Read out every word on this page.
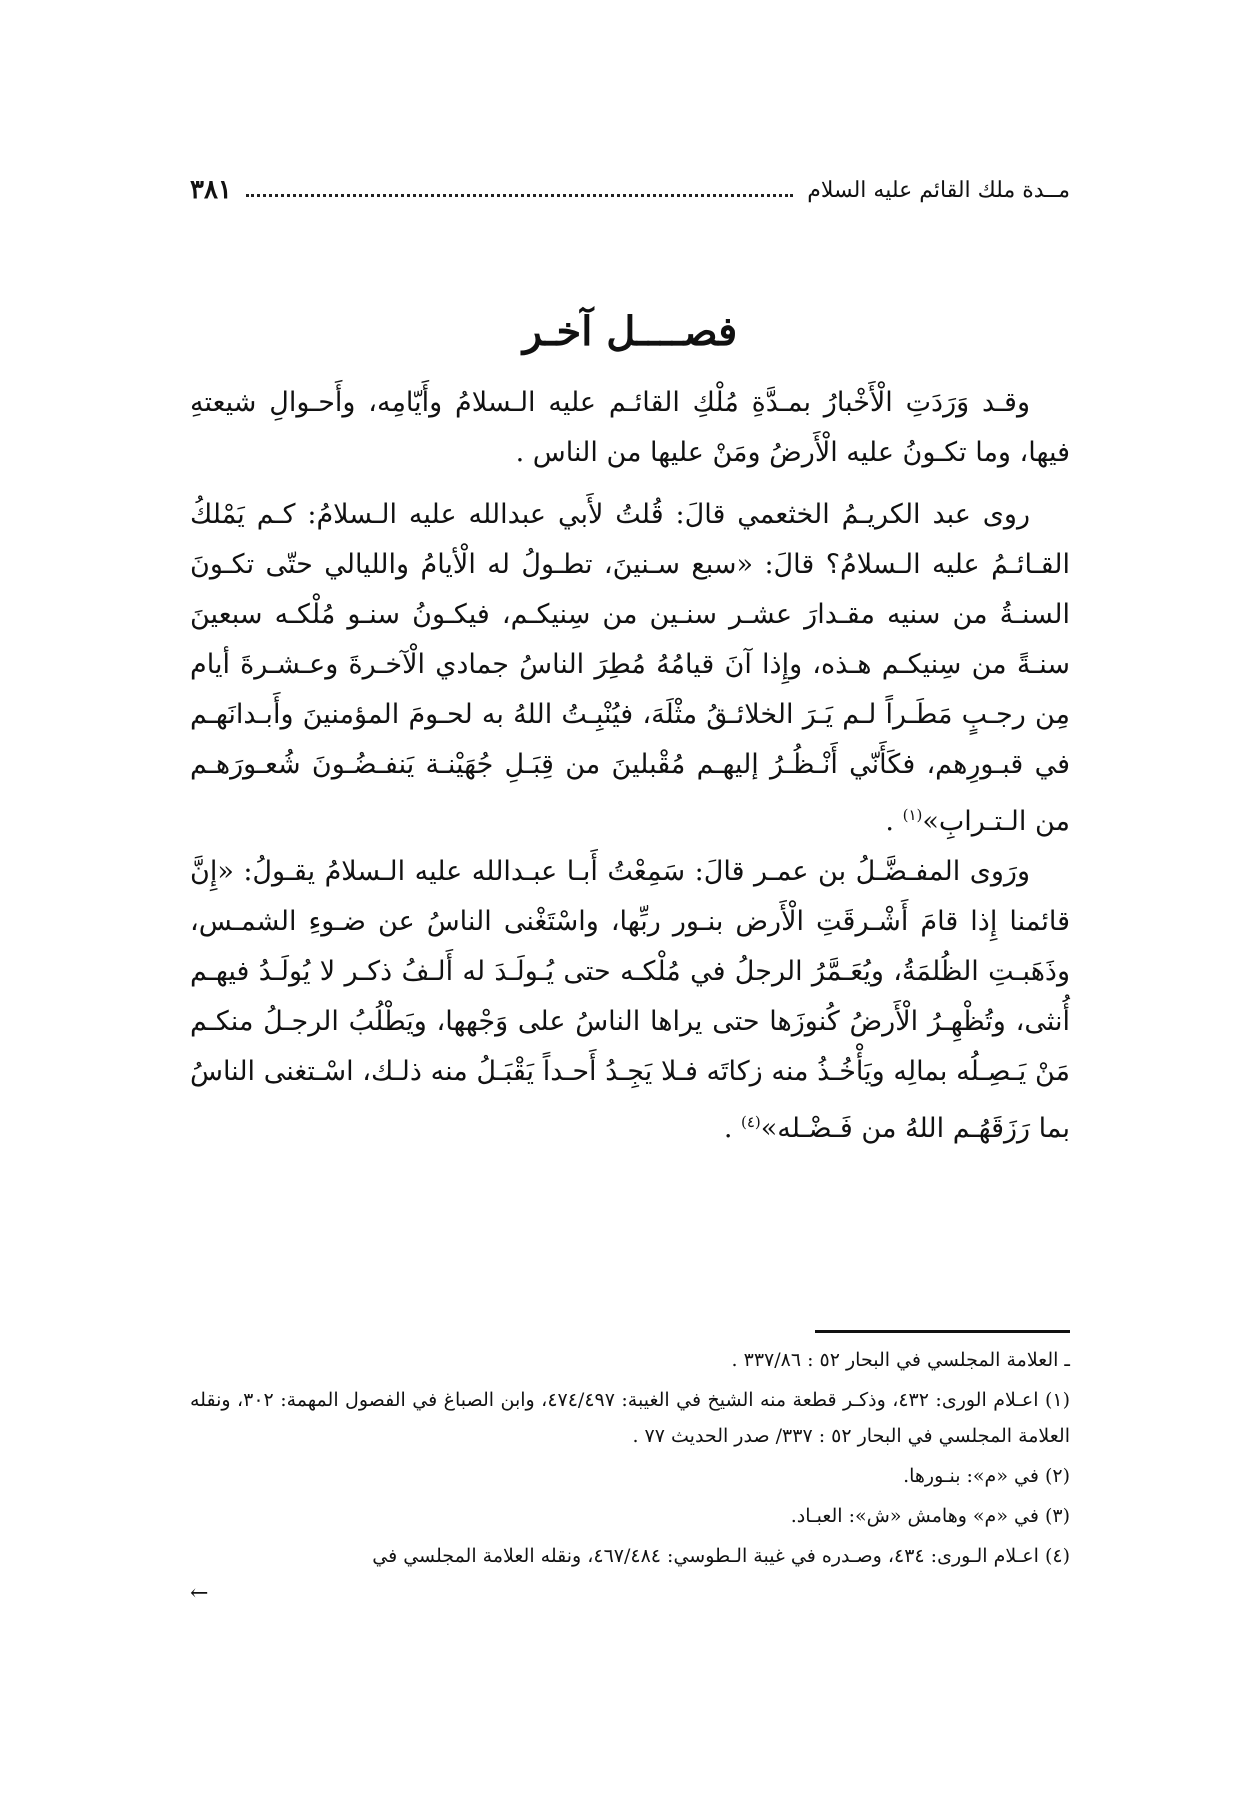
مــدة ملك القائم عليه السلام
٣٨١
فصــــل آخـر

وقـد وَرَدَتِ الْأَخْبارُ بمـدَّةِ مُلْكِ القائـم عليه الـسلامُ وأَيّامِه، وأَحـوالِ شيعتهِ فيها، وما تكـونُ عليه الْأَرضُ ومَنْ عليها من الناس .

روى عبد الكريـمُ الخثعمي قالَ: قُلتُ لأَبي عبدالله عليه الـسلامُ: كـم يَمْلكُ القـائـمُ عليه الـسلامُ؟ قالَ: «سبع سـنينَ، تطـولُ له الْأيامُ والليالي حتّى تكـونَ السنـةُ من سنيه مقـدارَ عشـر سنـين من سِنيكـم، فيكـونُ سنـو مُلْكـه سبعينَ سنـةً من سِنيكـم هـذه، وإِذا آنَ قيامُهُ مُطِرَ الناسُ جمادي الْآخـرةَ وعـشـرةَ أيام مِن رجـبٍ مَطَـراً لـم يَـرَ الخلائـقُ مثْلَهَ، فيُنْبِـتُ اللهُ به لحـومَ المؤمنينَ وأَبـدانَهـم في قبـورِهم، فكَأَنّي أَنْـظُـرُ إليهـم مُقْبلينَ من قِبَـلِ جُهَيْنـة يَنفـضُـونَ شُعـورَهـم من الـتـرابِ»$^{(١)}$ .

ورَوى المفـضَّـلُ بن عمـر قالَ: سَمِعْتُ أَبـا عبـدالله عليه الـسلامُ يقـولُ: «إِنَّ قائمنا إِذا قامَ أَشْـرقَتِ الْأَرض بنـور ربِّها، واسْتَغْنى الناسُ عن ضـوءِ الشمـس، وذَهَبـتِ الظُلمَةُ، ويُعَـمَّرُ الرجلُ في مُلْكـه حتى يُـولَـدَ له أَلـفُ ذكـر لا يُولَـدُ فيهـم أُنثى، وتُظْهِـرُ الْأَرضُ كُنوزَها حتى يراها الناسُ على وَجْهها، ويَطْلُبُ الرجـلُ منكـم مَنْ يَـصِـلُه بمالِه ويَأْخُـذُ منه زكاتَه فـلا يَجِـدُ أَحـداً يَقْبَـلُ منه ذلـك، اسْـتغنى الناسُ بما رَزَقَهُـم اللهُ من فَـضْـله»$^{(٤)}$ .

ـ العلامة المجلسي في البحار ٥٢ : ٣٣٧/٨٦ .
(١) اعـلام الورى: ٤٣٢، وذكـر قطعة منه الشيخ في الغيبة: ٤٧٤/٤٩٧، وابن الصباغ في الفصول المهمة: ٣٠٢، ونقله العلامة المجلسي في البحار ٥٢ : ٣٣٧/ صدر الحديث ٧٧ .
(٢) في «م»: بنـورها.
(٣) في «م» وهامش «ش»: العبـاد.
(٤) اعـلام الـورى: ٤٣٤، وصـدره في غيبة الـطوسي: ٤٦٧/٤٨٤، ونقله العلامة المجلسي في
←
